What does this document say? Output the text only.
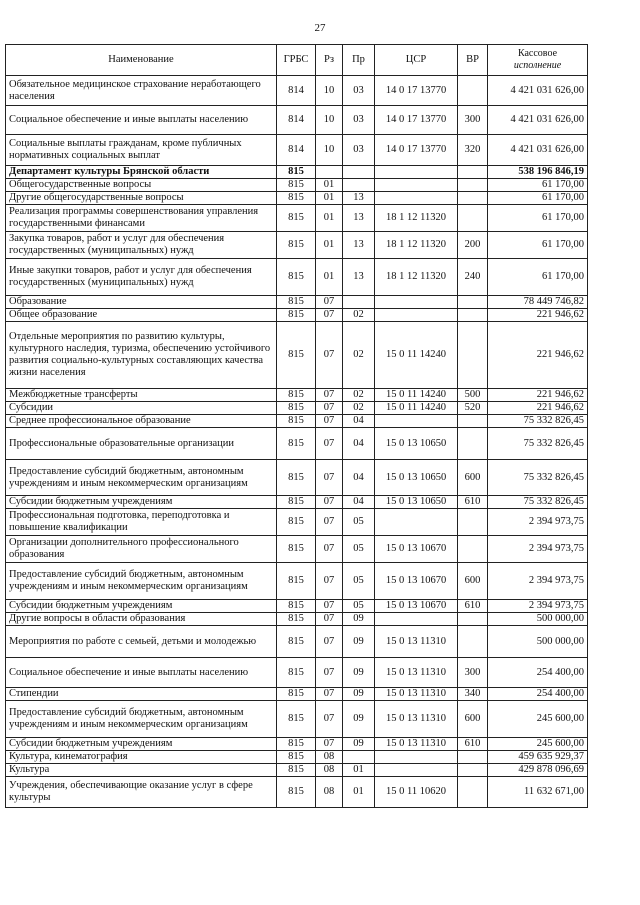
27
Наименование	ГРБС	Рз	Пр	ЦСР	ВР	Кассовое
исполнение
Обязательное медицинское страхование неработающего населения	814	10	03	14 0 17 13770		4 421 031 626,00
Социальное обеспечение и иные выплаты населению	814	10	03	14 0 17 13770	300	4 421 031 626,00
Социальные выплаты гражданам, кроме публичных нормативных социальных выплат	814	10	03	14 0 17 13770	320	4 421 031 626,00
Департамент культуры Брянской области	815					538 196 846,19
Общегосударственные вопросы	815	01				61 170,00
Другие общегосударственные вопросы	815	01	13			61 170,00
Реализация программы совершенствования управления государственными финансами	815	01	13	18 1 12 11320		61 170,00
Закупка товаров, работ и услуг для обеспечения государственных (муниципальных) нужд	815	01	13	18 1 12 11320	200	61 170,00
Иные закупки товаров, работ и услуг для обеспечения государственных (муниципальных) нужд	815	01	13	18 1 12 11320	240	61 170,00
Образование	815	07				78 449 746,82
Общее образование	815	07	02			221 946,62
Отдельные мероприятия по развитию культуры, культурного наследия, туризма, обеспечению устойчивого развития социально-культурных составляющих качества жизни населения	815	07	02	15 0 11 14240		221 946,62
Межбюджетные трансферты	815	07	02	15 0 11 14240	500	221 946,62
Субсидии	815	07	02	15 0 11 14240	520	221 946,62
Среднее профессиональное образование	815	07	04			75 332 826,45
Профессиональные образовательные организации	815	07	04	15 0 13 10650		75 332 826,45
Предоставление субсидий бюджетным, автономным учреждениям и иным некоммерческим организациям	815	07	04	15 0 13 10650	600	75 332 826,45
Субсидии бюджетным учреждениям	815	07	04	15 0 13 10650	610	75 332 826,45
Профессиональная подготовка, переподготовка и повышение квалификации	815	07	05			2 394 973,75
Организации дополнительного профессионального образования	815	07	05	15 0 13 10670		2 394 973,75
Предоставление субсидий бюджетным, автономным учреждениям и иным некоммерческим организациям	815	07	05	15 0 13 10670	600	2 394 973,75
Субсидии бюджетным учреждениям	815	07	05	15 0 13 10670	610	2 394 973,75
Другие вопросы в области образования	815	07	09			500 000,00
Мероприятия по работе с семьей, детьми и молодежью	815	07	09	15 0 13 11310		500 000,00
Социальное обеспечение и иные выплаты населению	815	07	09	15 0 13 11310	300	254 400,00
Стипендии	815	07	09	15 0 13 11310	340	254 400,00
Предоставление субсидий бюджетным, автономным учреждениям и иным некоммерческим организациям	815	07	09	15 0 13 11310	600	245 600,00
Субсидии бюджетным учреждениям	815	07	09	15 0 13 11310	610	245 600,00
Культура, кинематография	815	08				459 635 929,37
Культура	815	08	01			429 878 096,69
Учреждения, обеспечивающие оказание услуг в сфере культуры	815	08	01	15 0 11 10620		11 632 671,00
